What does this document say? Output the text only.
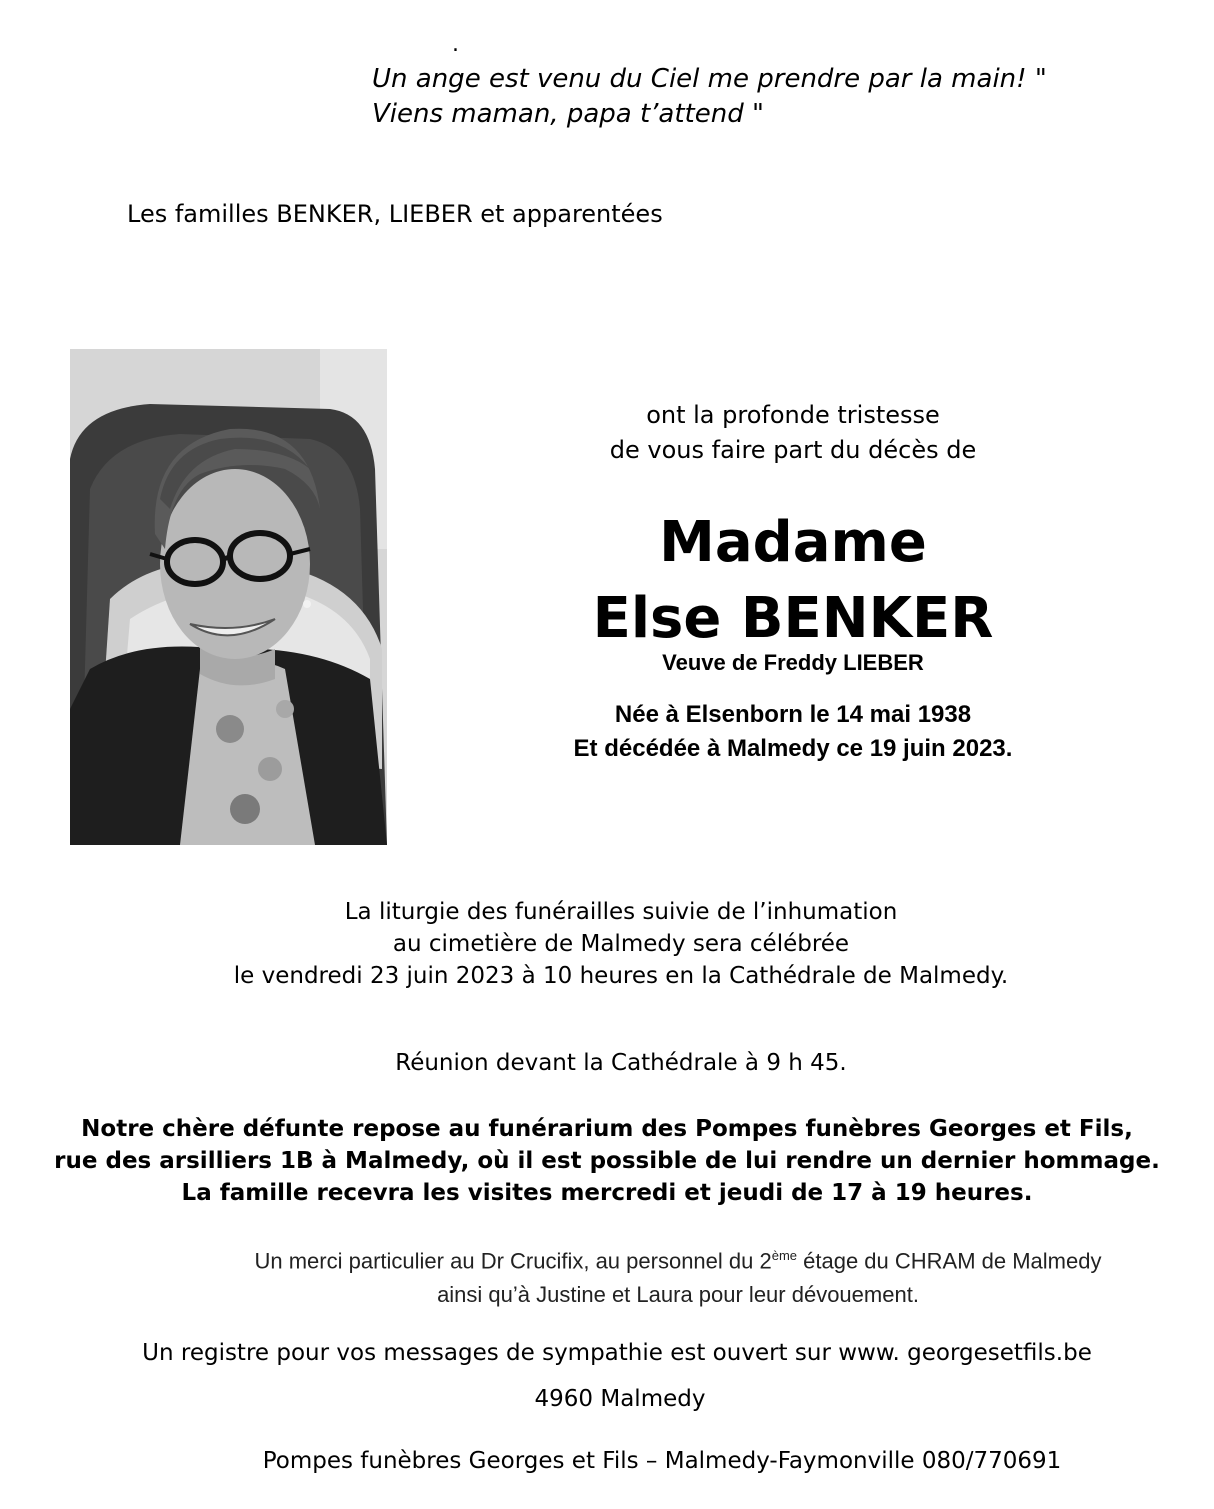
.
Un ange est venu du Ciel me prendre par la main! "
Viens maman, papa t’attend "
Les familles BENKER, LIEBER et apparentées
ont la profonde tristesse
de vous faire part du décès de
Madame
Else BENKER
Veuve de Freddy LIEBER
Née à Elsenborn le 14 mai 1938
Et décédée à Malmedy ce 19 juin 2023.
La liturgie des funérailles suivie de l’inhumation
au cimetière de Malmedy sera célébrée
le vendredi 23 juin 2023 à 10 heures en la Cathédrale de Malmedy.
Réunion devant la Cathédrale à 9 h 45.
Notre chère défunte repose au funérarium des Pompes funèbres Georges et Fils,
rue des arsilliers 1B à Malmedy, où il est possible de lui rendre un dernier hommage.
La famille recevra les visites mercredi et jeudi de 17 à 19 heures.
Un merci particulier au Dr Crucifix, au personnel du 2ème étage du CHRAM de Malmedy
ainsi qu’à Justine et Laura pour leur dévouement.
Un registre pour vos messages de sympathie est ouvert sur www. georgesetfils.be
4960 Malmedy
Pompes funèbres Georges et Fils – Malmedy-Faymonville 080/770691
